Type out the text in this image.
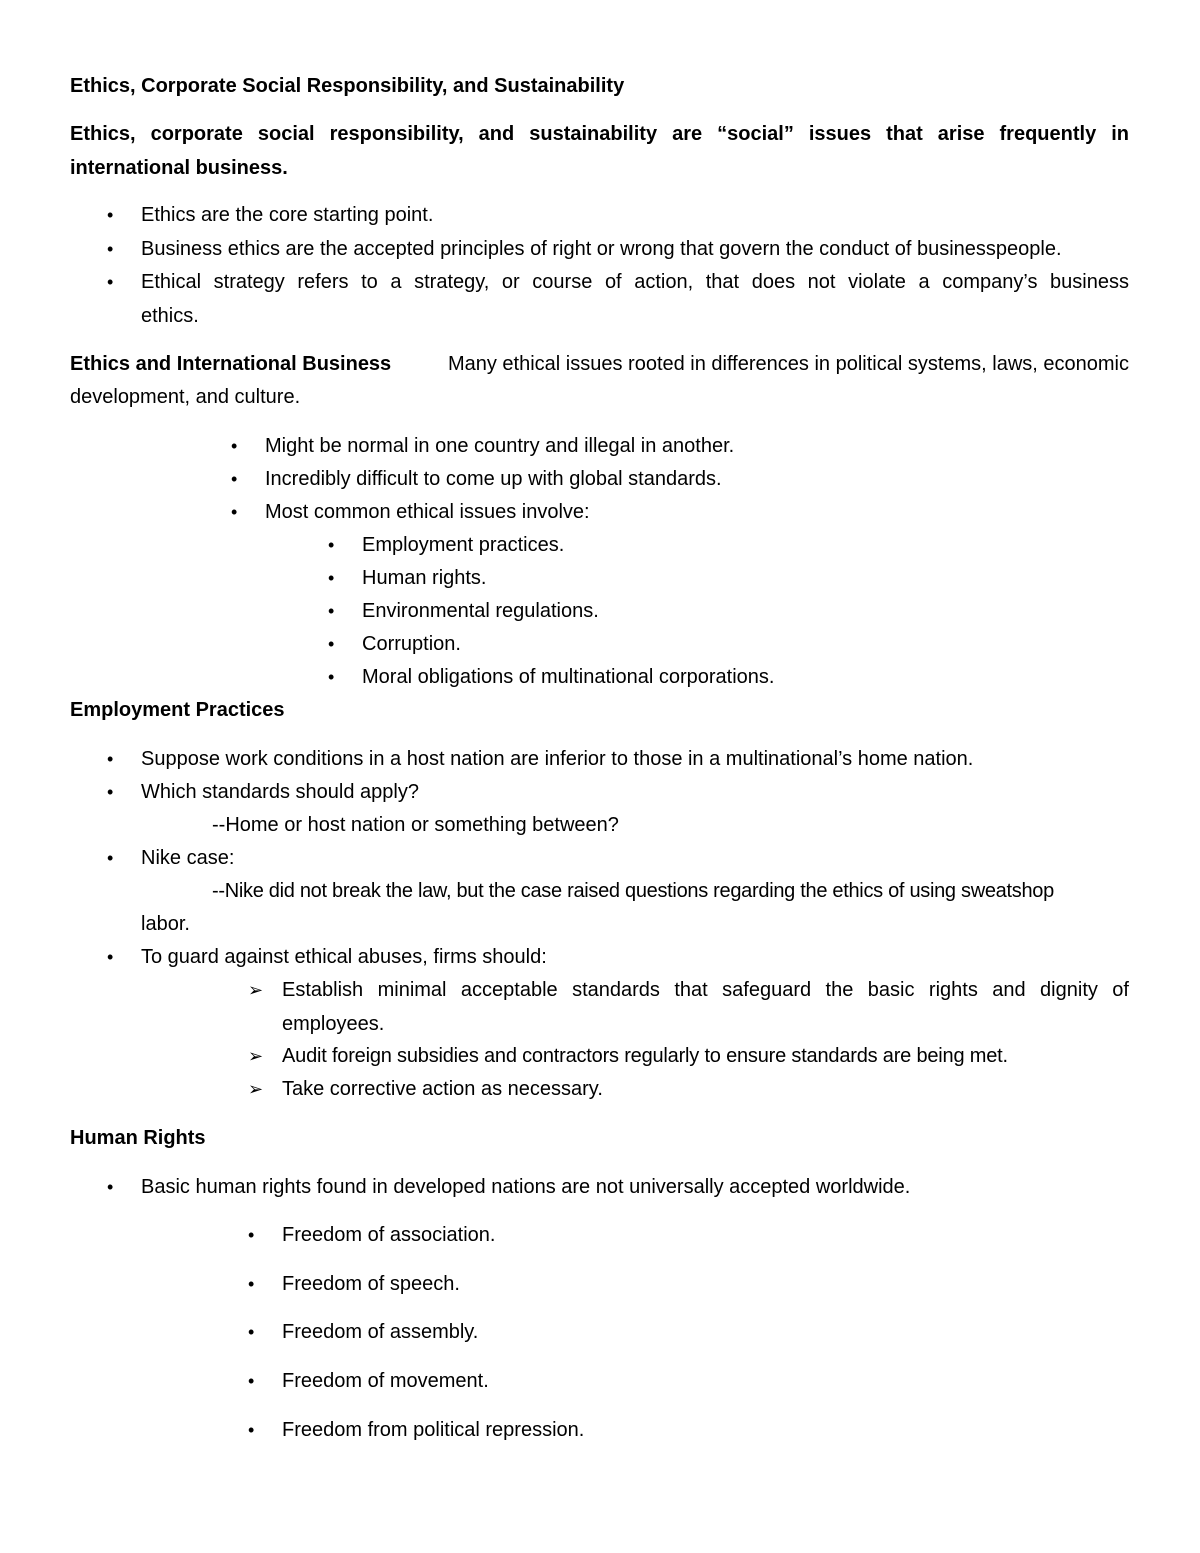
Ethics, Corporate Social Responsibility, and Sustainability
Ethics, corporate social responsibility, and sustainability are “social” issues that arise frequently in
international business.
• Ethics are the core starting point.
• Business ethics are the accepted principles of right or wrong that govern the conduct of businesspeople.
• Ethical strategy refers to a strategy, or course of action, that does not violate a company’s business
ethics.
Ethics and International Business	Many ethical issues rooted in differences in political systems, laws, economic
development, and culture.
• Might be normal in one country and illegal in another.
• Incredibly difficult to come up with global standards.
• Most common ethical issues involve:
• Employment practices.
• Human rights.
• Environmental regulations.
• Corruption.
• Moral obligations of multinational corporations.
Employment Practices
• Suppose work conditions in a host nation are inferior to those in a multinational’s home nation.
• Which standards should apply?
--Home or host nation or something between?
• Nike case:
--Nike did not break the law, but the case raised questions regarding the ethics of using sweatshop
labor.
• To guard against ethical abuses, firms should:
➢ Establish minimal acceptable standards that safeguard the basic rights and dignity of
employees.
➢ Audit foreign subsidies and contractors regularly to ensure standards are being met.
➢ Take corrective action as necessary.
Human Rights
• Basic human rights found in developed nations are not universally accepted worldwide.
• Freedom of association.
• Freedom of speech.
• Freedom of assembly.
• Freedom of movement.
• Freedom from political repression.
